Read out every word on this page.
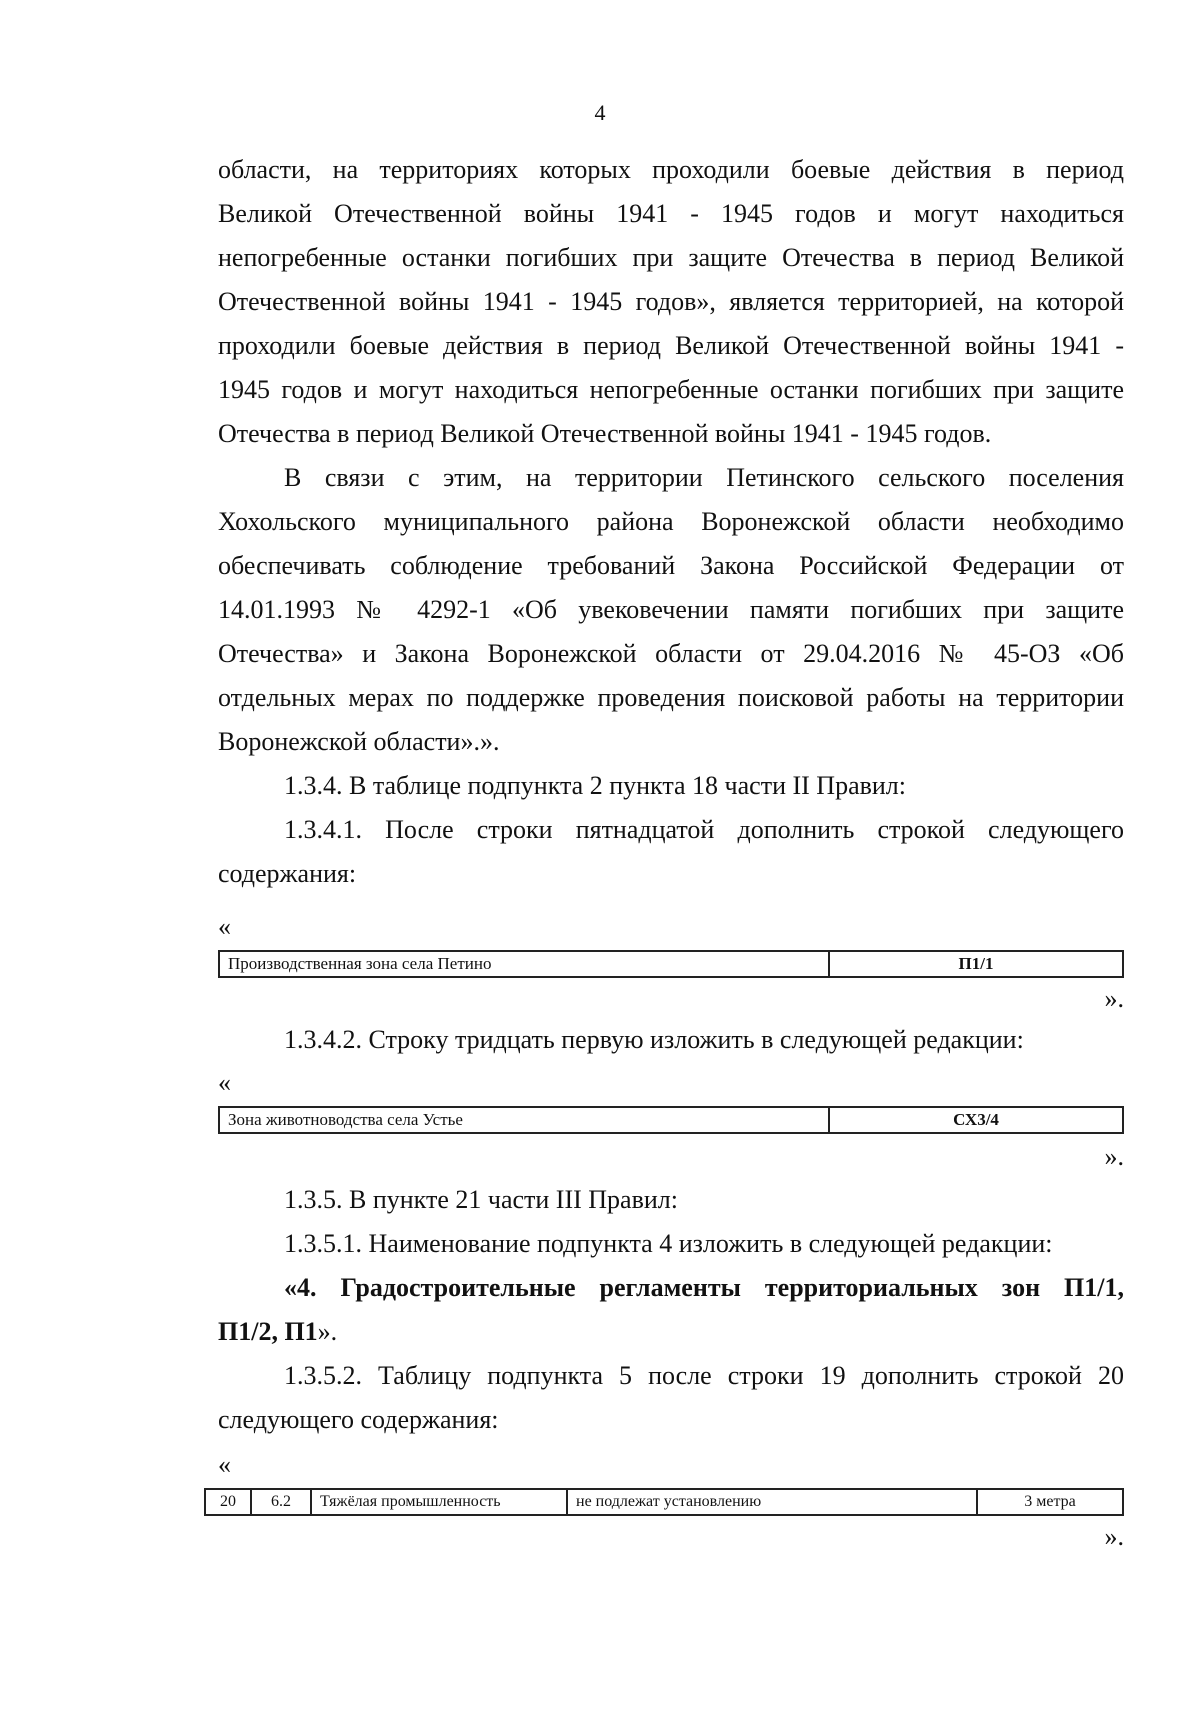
4
области, на территориях которых проходили боевые действия в период
Великой Отечественной войны 1941 - 1945 годов и могут находиться
непогребенные останки погибших при защите Отечества в период Великой
Отечественной войны 1941 - 1945 годов», является территорией, на которой
проходили боевые действия в период Великой Отечественной войны 1941 -
1945 годов и могут находиться непогребенные останки погибших при защите
Отечества в период Великой Отечественной войны 1941 - 1945 годов.
В связи с этим, на территории Петинского сельского поселения
Хохольского муниципального района Воронежской области необходимо
обеспечивать соблюдение требований Закона Российской Федерации от
14.01.1993 № 4292-1 «Об увековечении памяти погибших при защите
Отечества» и Закона Воронежской области от 29.04.2016 № 45-ОЗ «Об
отдельных мерах по поддержке проведения поисковой работы на территории
Воронежской области».».
1.3.4. В таблице подпункта 2 пункта 18 части II Правил:
1.3.4.1. После строки пятнадцатой дополнить строкой следующего
содержания:
«
Производственная зона села Петино	П1/1
».
1.3.4.2. Строку тридцать первую изложить в следующей редакции:
«
Зона животноводства села Устье	СХ3/4
».
1.3.5. В пункте 21 части III Правил:
1.3.5.1. Наименование подпункта 4 изложить в следующей редакции:
«4. Градостроительные регламенты территориальных зон П1/1,
П1/2, П1».
1.3.5.2. Таблицу подпункта 5 после строки 19 дополнить строкой 20
следующего содержания:
«
20	6.2	Тяжёлая промышленность	не подлежат установлению	3 метра
».
